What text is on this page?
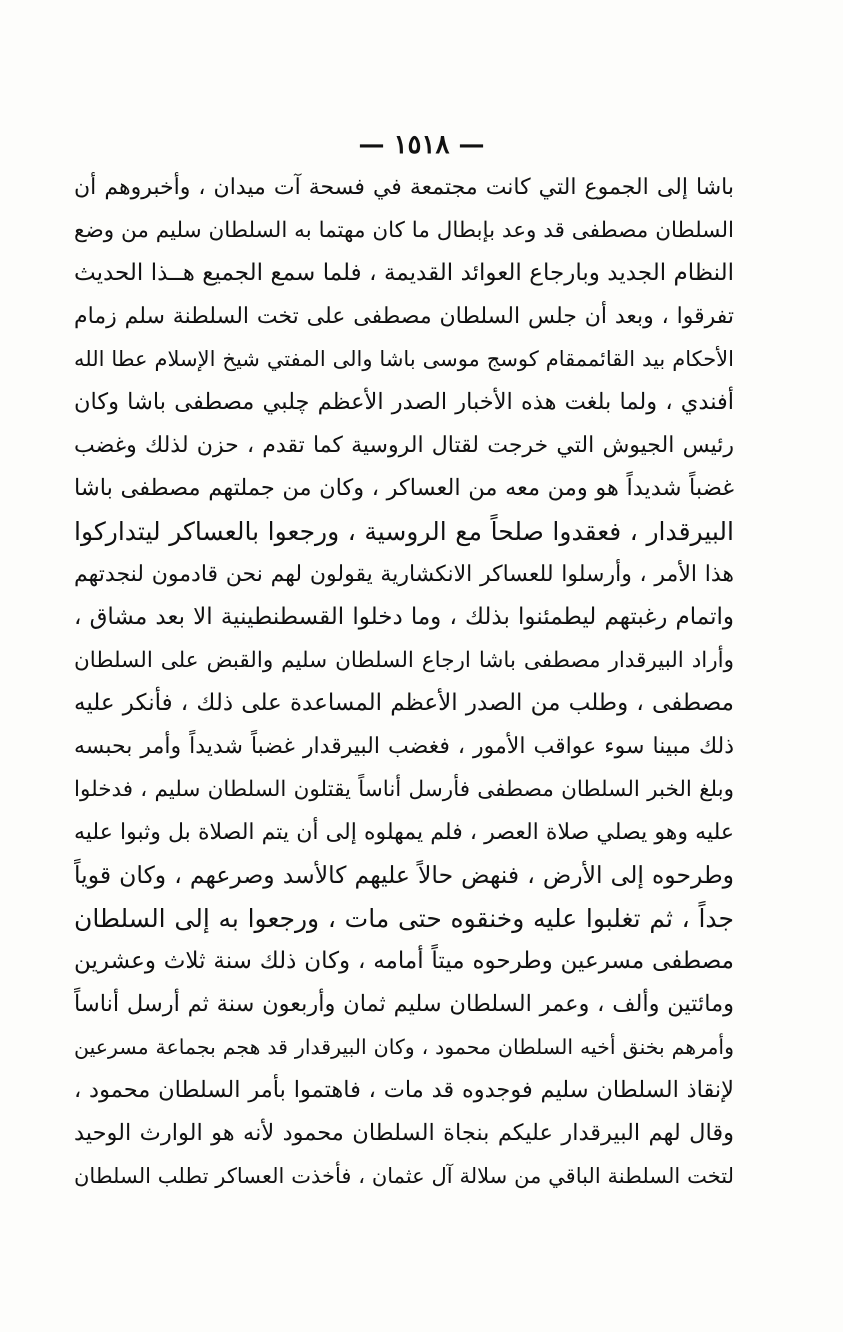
— ١٥١٨ —
باشا إلى الجموع التي كانت مجتمعة في فسحة آت ميدان ، وأخبروهم أن
السلطان مصطفى قد وعد بإبطال ما كان مهتما به السلطان سليم من وضع
النظام الجديد وبارجاع العوائد القديمة ، فلما سمع الجميع هــذا الحديث
تفرقوا ، وبعد أن جلس السلطان مصطفى على تخت السلطنة سلم زمام
الأحكام بيد القائممقام كوسج موسى باشا والى المفتي شيخ الإسلام عطا الله
أفندي ، ولما بلغت هذه الأخبار الصدر الأعظم چلبي مصطفى باشا وكان
رئيس الجيوش التي خرجت لقتال الروسية كما تقدم ، حزن لذلك وغضب
غضباً شديداً هو ومن معه من العساكر ، وكان من جملتهم مصطفى باشا
البيرقدار ، فعقدوا صلحاً مع الروسية ، ورجعوا بالعساكر ليتداركوا
هذا الأمر ، وأرسلوا للعساكر الانكشارية يقولون لهم نحن قادمون لنجدتهم
واتمام رغبتهم ليطمئنوا بذلك ، وما دخلوا القسطنطينية الا بعد مشاق ،
وأراد البيرقدار مصطفى باشا ارجاع السلطان سليم والقبض على السلطان
مصطفى ، وطلب من الصدر الأعظم المساعدة على ذلك ، فأنكر عليه
ذلك مبينا سوء عواقب الأمور ، فغضب البيرقدار غضباً شديداً وأمر بحبسه
وبلغ الخبر السلطان مصطفى فأرسل أناساً يقتلون السلطان سليم ، فدخلوا
عليه وهو يصلي صلاة العصر ، فلم يمهلوه إلى أن يتم الصلاة بل وثبوا عليه
وطرحوه إلى الأرض ، فنهض حالاً عليهم كالأسد وصرعهم ، وكان قوياً
جداً ، ثم تغلبوا عليه وخنقوه حتى مات ، ورجعوا به إلى السلطان
مصطفى مسرعين وطرحوه ميتاً أمامه ، وكان ذلك سنة ثلاث وعشرين
ومائتين وألف ، وعمر السلطان سليم ثمان وأربعون سنة ثم أرسل أناساً
وأمرهم بخنق أخيه السلطان محمود ، وكان البيرقدار قد هجم بجماعة مسرعين
لإنقاذ السلطان سليم فوجدوه قد مات ، فاهتموا بأمر السلطان محمود ،
وقال لهم البيرقدار عليكم بنجاة السلطان محمود لأنه هو الوارث الوحيد
لتخت السلطنة الباقي من سلالة آل عثمان ، فأخذت العساكر تطلب السلطان
